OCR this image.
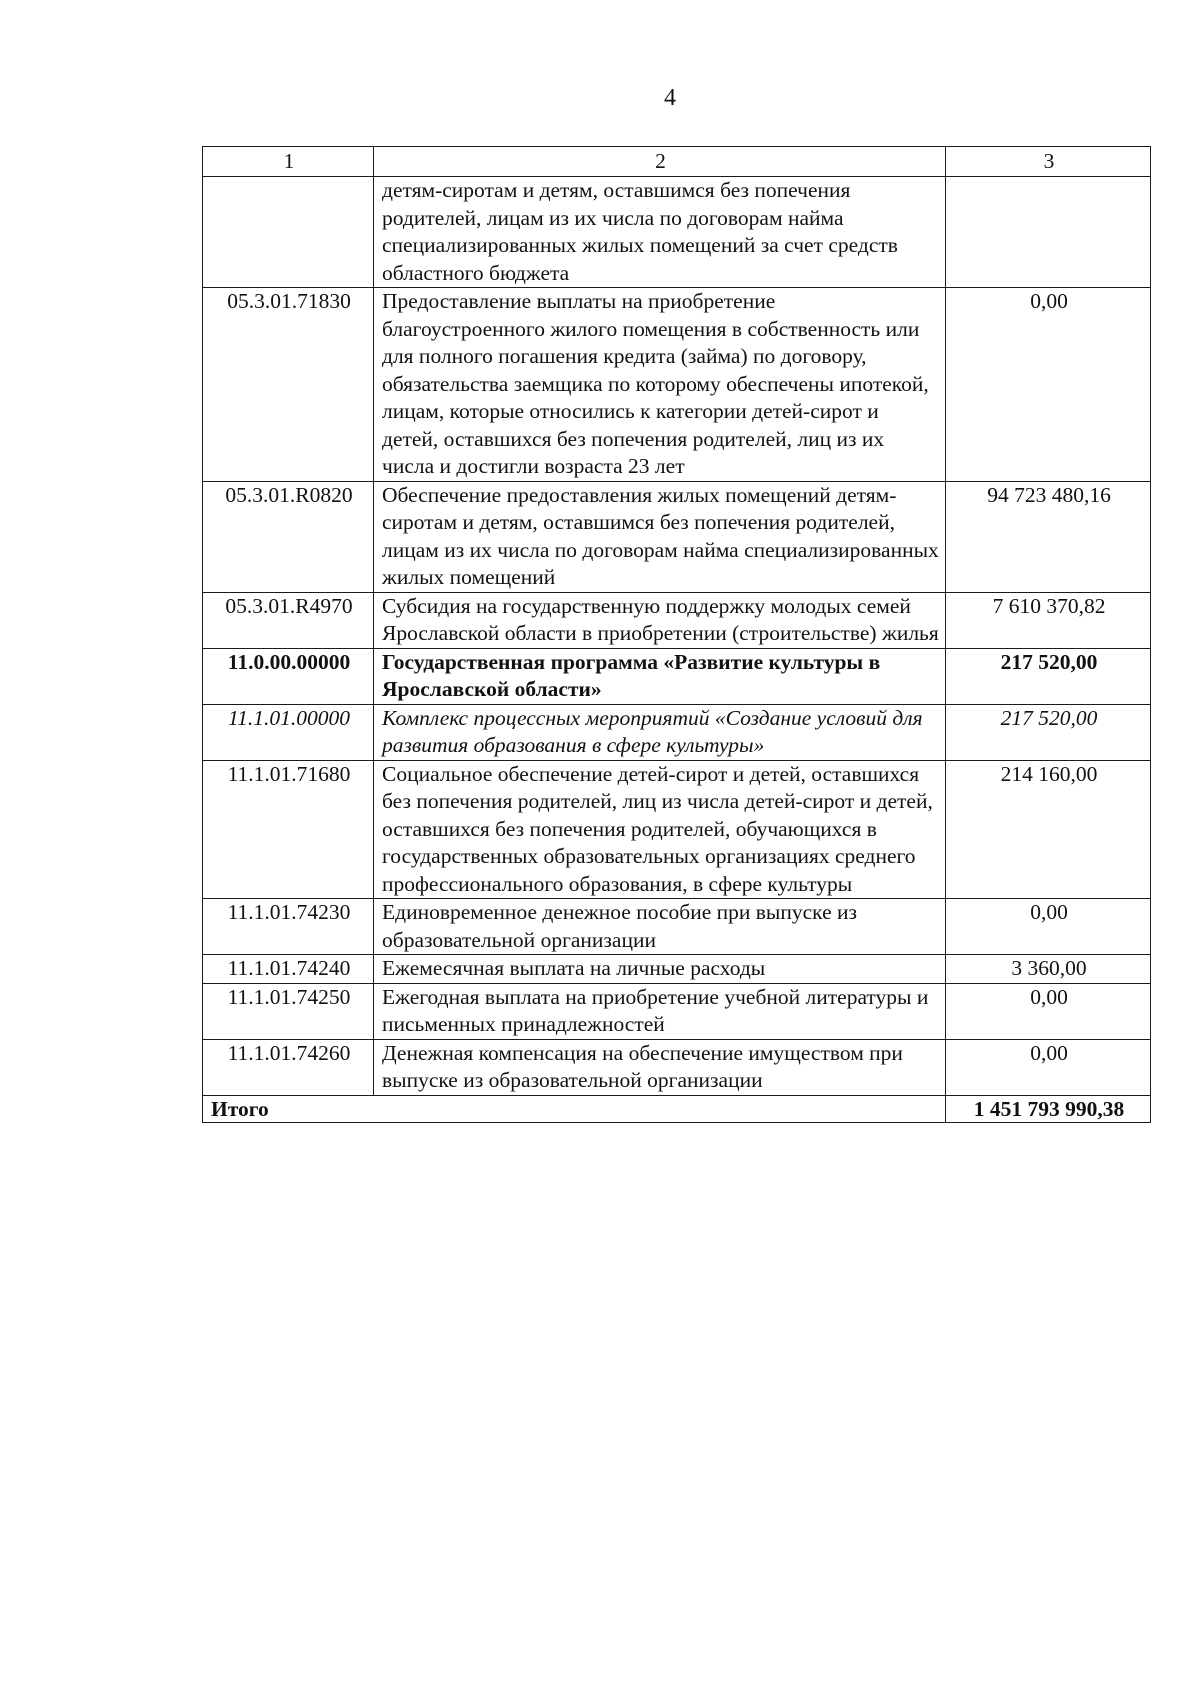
4
1	2	3
	детям-сиротам и детям, оставшимся без попечения родителей, лицам из их числа по договорам найма специализированных жилых помещений за счет средств областного бюджета	
05.3.01.71830	Предоставление выплаты на приобретение благоустроенного жилого помещения в собственность или для полного погашения кредита (займа) по договору, обязательства заемщика по которому обеспечены ипотекой, лицам, которые относились к категории детей-сирот и детей, оставшихся без попечения родителей, лиц из их числа и достигли возраста 23 лет	0,00
05.3.01.R0820	Обеспечение предоставления жилых помещений детям-сиротам и детям, оставшимся без попечения родителей, лицам из их числа по договорам найма специализированных жилых помещений	94 723 480,16
05.3.01.R4970	Субсидия на государственную поддержку молодых семей Ярославской области в приобретении (строительстве) жилья	7 610 370,82
11.0.00.00000	Государственная программа «Развитие культуры в Ярославской области»	217 520,00
11.1.01.00000	Комплекс процессных мероприятий «Создание условий для развития образования в сфере культуры»	217 520,00
11.1.01.71680	Социальное обеспечение детей-сирот и детей, оставшихся без попечения родителей, лиц из числа детей-сирот и детей, оставшихся без попечения родителей, обучающихся в государственных образовательных организациях среднего профессионального образования, в сфере культуры	214 160,00
11.1.01.74230	Единовременное денежное пособие при выпуске из образовательной организации	0,00
11.1.01.74240	Ежемесячная выплата на личные расходы	3 360,00
11.1.01.74250	Ежегодная выплата на приобретение учебной литературы и письменных принадлежностей	0,00
11.1.01.74260	Денежная компенсация на обеспечение имуществом при выпуске из образовательной организации	0,00
Итого		1 451 793 990,38
